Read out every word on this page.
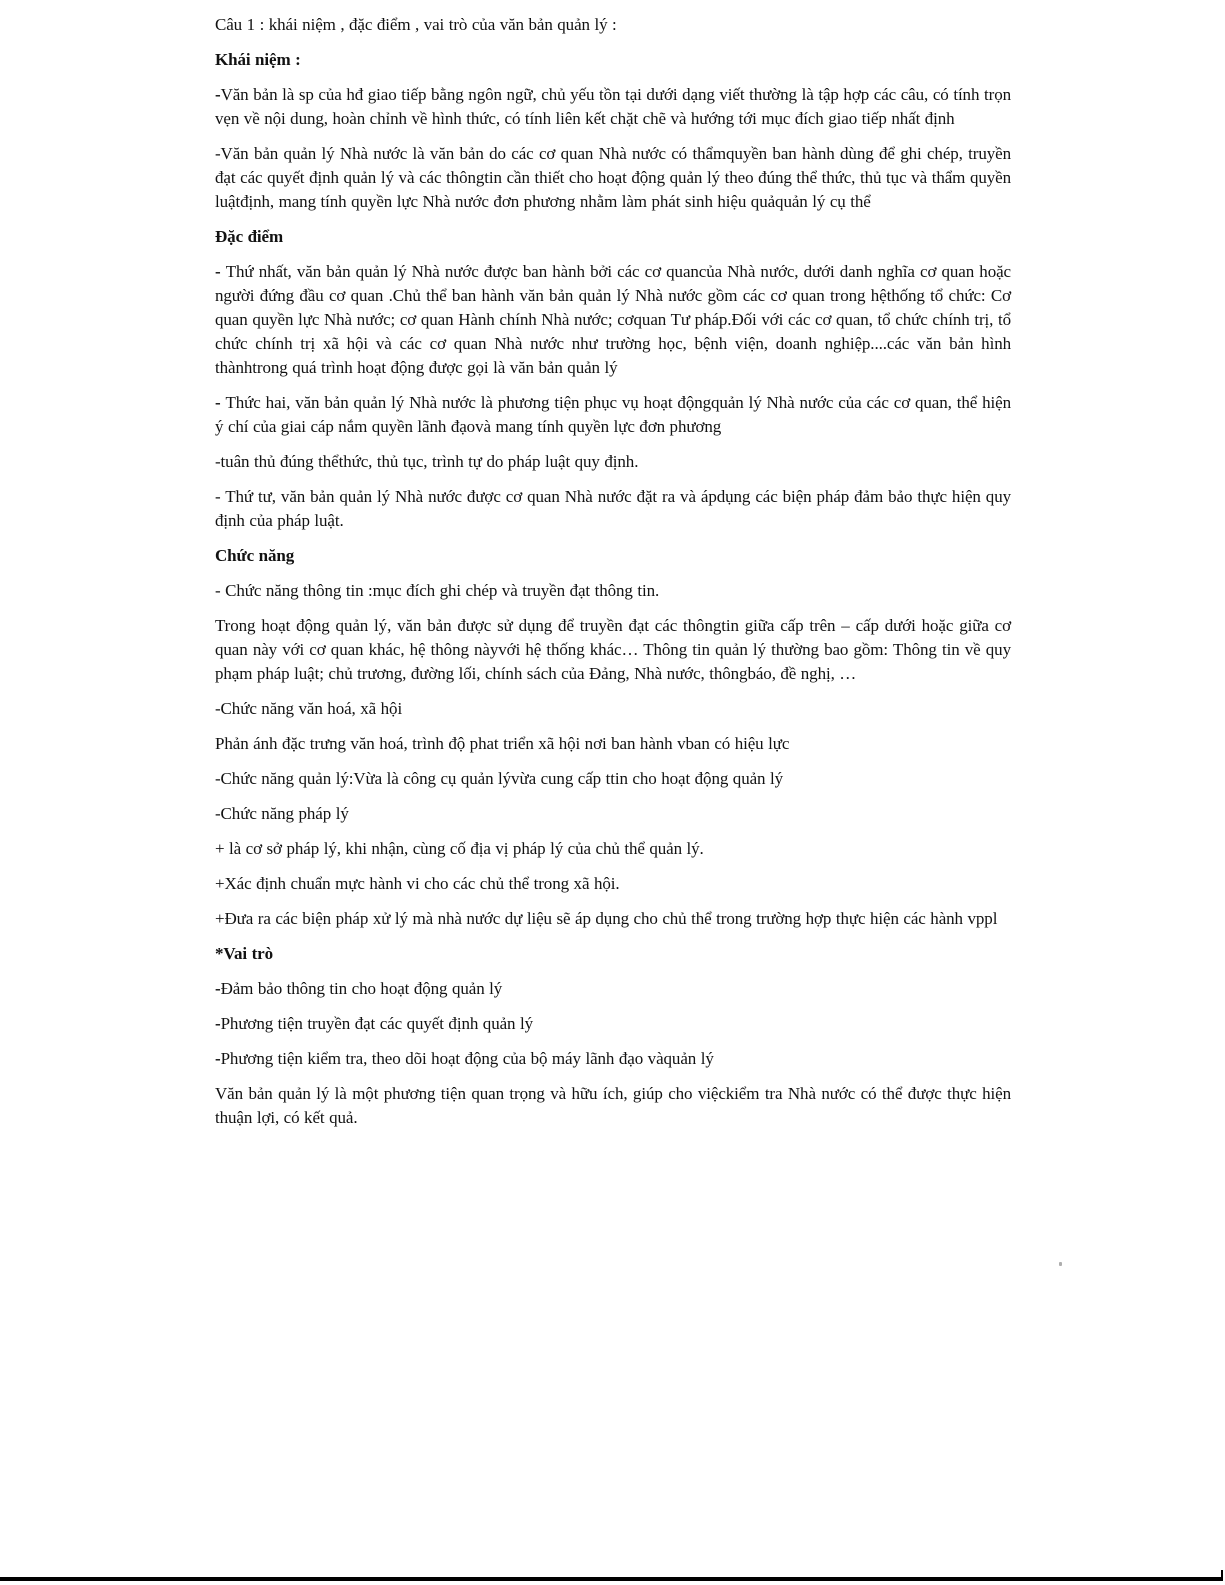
Câu 1 : khái niệm , đặc điểm , vai trò của văn bản quản lý :

Khái niệm :

-Văn bản là sp của hđ giao tiếp bằng ngôn ngữ, chủ yếu tồn tại dưới dạng viết thường là tập hợp các câu, có tính trọn vẹn về nội dung, hoàn chỉnh về hình thức, có tính liên kết chặt chẽ và hướng tới mục đích giao tiếp nhất định

-Văn bản quản lý Nhà nước là văn bản do các cơ quan Nhà nước có thẩmquyền ban hành dùng để ghi chép, truyền đạt các quyết định quản lý và các thôngtin cần thiết cho hoạt động quản lý theo đúng thể thức, thủ tục và thẩm quyền luậtđịnh, mang tính quyền lực Nhà nước đơn phương nhằm làm phát sinh hiệu quảquản lý cụ thể

Đặc điểm

- Thứ nhất, văn bản quản lý Nhà nước được ban hành bởi các cơ quancủa Nhà nước, dưới danh nghĩa cơ quan hoặc người đứng đầu cơ quan .Chủ thể ban hành văn bản quản lý Nhà nước gồm các cơ quan trong hệthống tổ chức: Cơ quan quyền lực Nhà nước; cơ quan Hành chính Nhà nước; cơquan Tư pháp.Đối với các cơ quan, tổ chức chính trị, tổ chức chính trị xã hội và các cơ quan Nhà nước như trường học, bệnh viện, doanh nghiệp....các văn bản hình thànhtrong quá trình hoạt động được gọi là văn bản quản lý

- Thức hai, văn bản quản lý Nhà nước là phương tiện phục vụ hoạt độngquản lý Nhà nước của các cơ quan, thể hiện ý chí của giai cáp nắm quyền lãnh đạovà mang tính quyền lực đơn phương

-tuân thủ đúng thểthức, thủ tục, trình tự do pháp luật quy định.

- Thứ tư, văn bản quản lý Nhà nước được cơ quan Nhà nước đặt ra và ápdụng các biện pháp đảm bảo thực hiện quy định của pháp luật.

Chức năng

- Chức năng thông tin :mục đích ghi chép và truyền đạt thông tin.

Trong hoạt động quản lý, văn bản được sử dụng để truyền đạt các thôngtin giữa cấp trên – cấp dưới hoặc giữa cơ quan này với cơ quan khác, hệ thông nàyvới hệ thống khác… Thông tin quản lý thường bao gồm: Thông tin về quy phạm pháp luật; chủ trương, đường lối, chính sách của Đảng, Nhà nước, thôngbáo, đề nghị, …

-Chức năng văn hoá, xã hội

Phản ánh đặc trưng văn hoá, trình độ phat triển xã hội nơi ban hành vban có hiệu lực

-Chức năng quản lý:Vừa là công cụ quản lývừa cung cấp ttin cho hoạt động quản lý

-Chức năng pháp lý

+ là cơ sở pháp lý, khi nhận, cùng cố địa vị pháp lý của chủ thể quản lý.

+Xác định chuẩn mực hành vi cho các chủ thể trong xã hội.

+Đưa ra các biện pháp xử lý mà nhà nước dự liệu sẽ áp dụng cho chủ thể trong trường hợp thực hiện các hành vppl

*Vai trò

-Đảm bảo thông tin cho hoạt động quản lý

-Phương tiện truyền đạt các quyết định quản lý

-Phương tiện kiểm tra, theo dõi hoạt động của bộ máy lãnh đạo vàquản lý

Văn bản quản lý là một phương tiện quan trọng và hữu ích, giúp cho việckiểm tra Nhà nước có thể được thực hiện thuận lợi, có kết quả.
